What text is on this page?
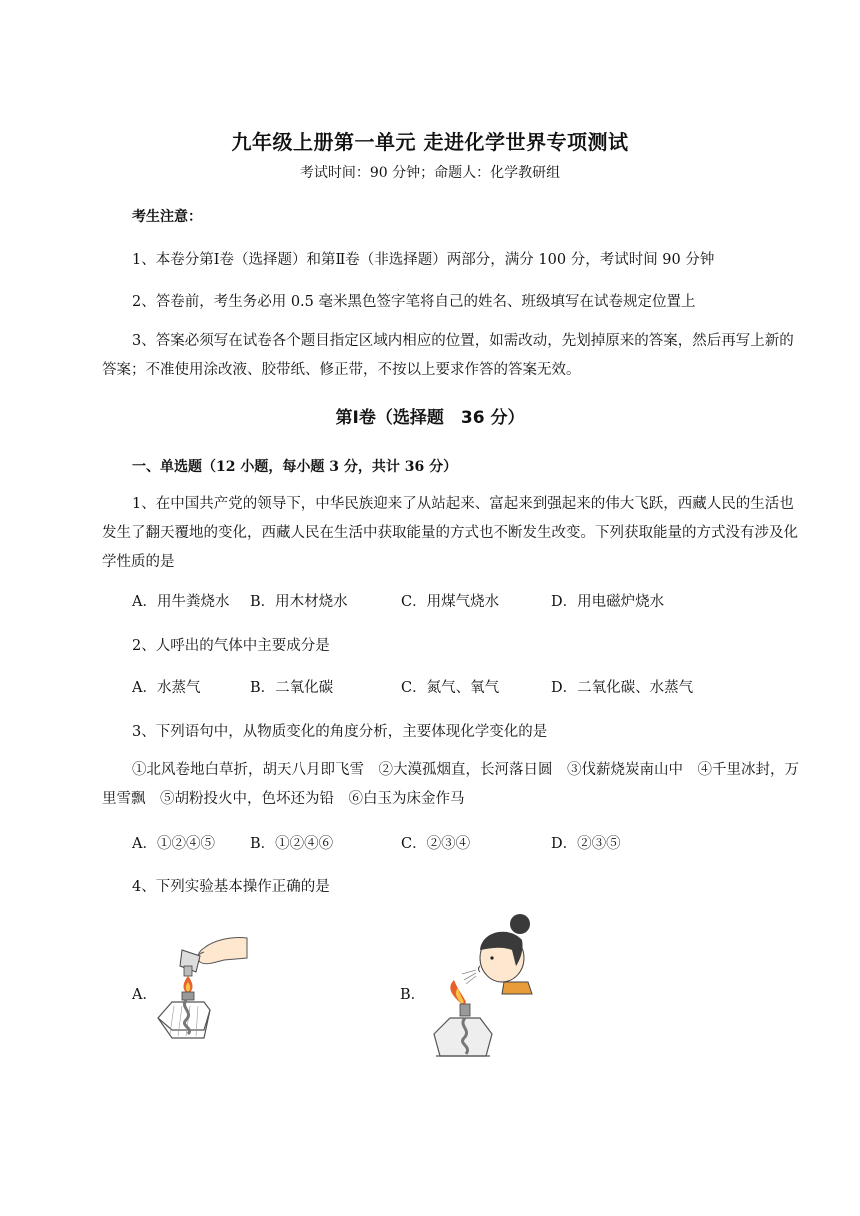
九年级上册第一单元 走进化学世界专项测试
考试时间：90 分钟；命题人：化学教研组
考生注意：
1、本卷分第Ⅰ卷（选择题）和第Ⅱ卷（非选择题）两部分，满分 100 分，考试时间 90 分钟
2、答卷前，考生务必用 0.5 毫米黑色签字笔将自己的姓名、班级填写在试卷规定位置上
3、答案必须写在试卷各个题目指定区域内相应的位置，如需改动，先划掉原来的答案，然后再写上新的答案；不准使用涂改液、胶带纸、修正带，不按以上要求作答的答案无效。
第Ⅰ卷（选择题　36 分）
一、单选题（12 小题，每小题 3 分，共计 36 分）
1、在中国共产党的领导下，中华民族迎来了从站起来、富起来到强起来的伟大飞跃，西藏人民的生活也发生了翻天覆地的变化，西藏人民在生活中获取能量的方式也不断发生改变。下列获取能量的方式没有涉及化学性质的是
A．用牛粪烧水 B．用木材烧水	C．用煤气烧水	D．用电磁炉烧水
2、人呼出的气体中主要成分是
A．水蒸气	B．二氧化碳	C．氮气、氧气	D．二氧化碳、水蒸气
3、下列语句中，从物质变化的角度分析，主要体现化学变化的是
①北风卷地白草折，胡天八月即飞雪　②大漠孤烟直，长河落日圆　③伐薪烧炭南山中　④千里冰封，万里雪飘　⑤胡粉投火中，色坏还为铅　⑥白玉为床金作马
A．①②④⑤ B．①②④⑥	C．②③④	D．②③⑤
4、下列实验基本操作正确的是
A．	B．
